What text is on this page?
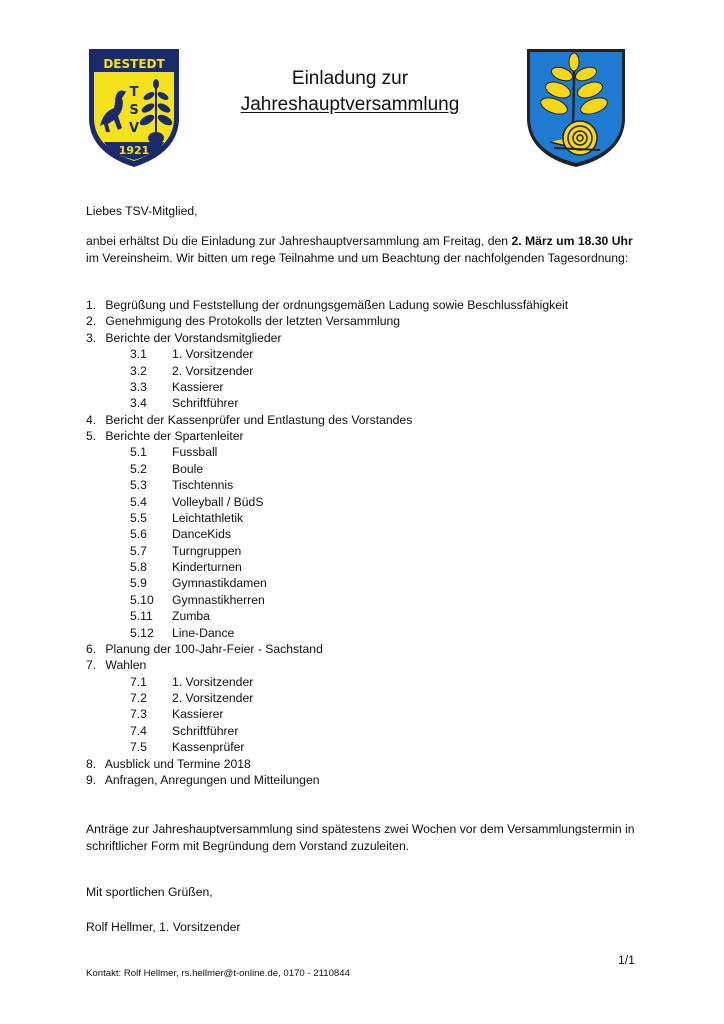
DESTEDT
T
S
V
1921
Einladung zur
Jahreshauptversammlung
Liebes TSV-Mitglied,
anbei erhältst Du die Einladung zur Jahreshauptversammlung am Freitag, den 2. März um 18.30 Uhr
im Vereinsheim. Wir bitten um rege Teilnahme und um Beachtung der nachfolgenden Tagesordnung:
1. Begrüßung und Feststellung der ordnungsgemäßen Ladung sowie Beschlussfähigkeit
2. Genehmigung des Protokolls der letzten Versammlung
3. Berichte der Vorstandsmitglieder
3.1 1. Vorsitzender
3.2 2. Vorsitzender
3.3 Kassierer
3.4 Schriftführer
4. Bericht der Kassenprüfer und Entlastung des Vorstandes
5. Berichte der Spartenleiter
5.1 Fussball
5.2 Boule
5.3 Tischtennis
5.4 Volleyball / BüdS
5.5 Leichtathletik
5.6 DanceKids
5.7 Turngruppen
5.8 Kinderturnen
5.9 Gymnastikdamen
5.10 Gymnastikherren
5.11 Zumba
5.12 Line-Dance
6. Planung der 100-Jahr-Feier - Sachstand
7. Wahlen
7.1 1. Vorsitzender
7.2 2. Vorsitzender
7.3 Kassierer
7.4 Schriftführer
7.5 Kassenprüfer
8. Ausblick und Termine 2018
9. Anfragen, Anregungen und Mitteilungen
Anträge zur Jahreshauptversammlung sind spätestens zwei Wochen vor dem Versammlungstermin in
schriftlicher Form mit Begründung dem Vorstand zuzuleiten.
Mit sportlichen Grüßen,
Rolf Hellmer, 1. Vorsitzender
1/1
Kontakt: Rolf Hellmer, rs.hellmer@t-online.de, 0170 - 2110844
